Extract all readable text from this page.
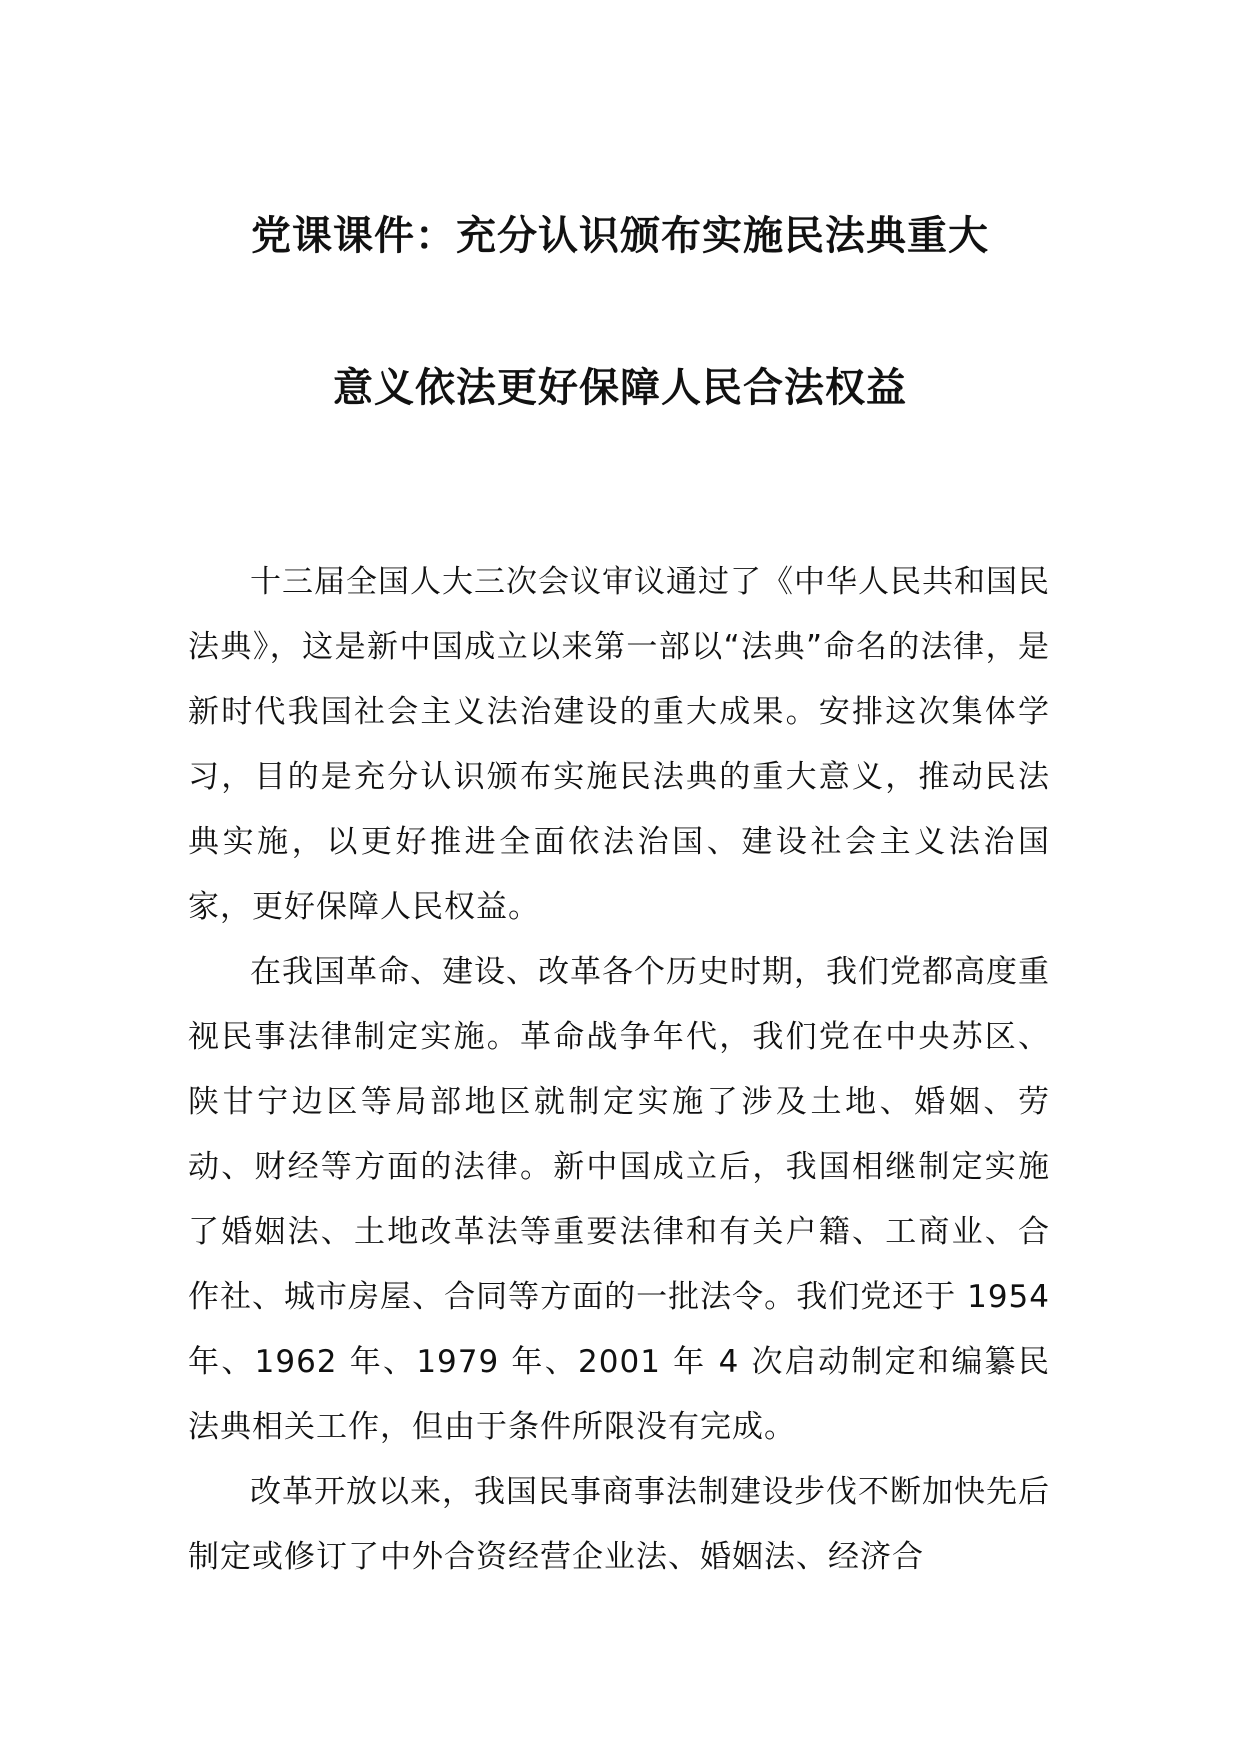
党课课件：充分认识颁布实施民法典重大
意义依法更好保障人民合法权益

十三届全国人大三次会议审议通过了《中华人民共和国民法典》，这是新中国成立以来第一部以“法典”命名的法律，是新时代我国社会主义法治建设的重大成果。安排这次集体学习，目的是充分认识颁布实施民法典的重大意义，推动民法典实施，以更好推进全面依法治国、建设社会主义法治国家，更好保障人民权益。

在我国革命、建设、改革各个历史时期，我们党都高度重视民事法律制定实施。革命战争年代，我们党在中央苏区、陕甘宁边区等局部地区就制定实施了涉及土地、婚姻、劳动、财经等方面的法律。新中国成立后，我国相继制定实施了婚姻法、土地改革法等重要法律和有关户籍、工商业、合作社、城市房屋、合同等方面的一批法令。我们党还于 1954 年、1962 年、1979 年、2001 年 4 次启动制定和编纂民法典相关工作，但由于条件所限没有完成。

改革开放以来，我国民事商事法制建设步伐不断加快先后制定或修订了中外合资经营企业法、婚姻法、经济合
